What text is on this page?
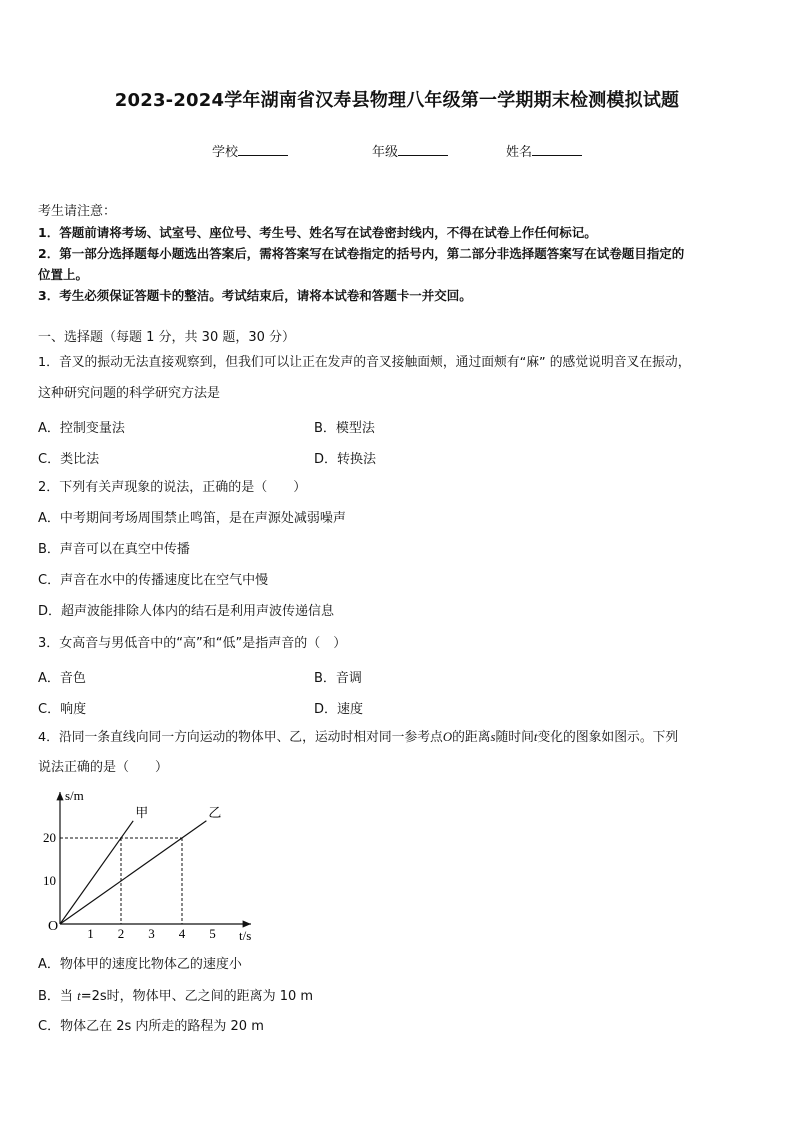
2023-2024学年湖南省汉寿县物理八年级第一学期期末检测模拟试题
学校	年级	姓名
考生请注意：
1．答题前请将考场、试室号、座位号、考生号、姓名写在试卷密封线内，不得在试卷上作任何标记。
2．第一部分选择题每小题选出答案后，需将答案写在试卷指定的括号内，第二部分非选择题答案写在试卷题目指定的
位置上。
3．考生必须保证答题卡的整洁。考试结束后，请将本试卷和答题卡一并交回。
一、选择题（每题 1 分，共 30 题，30 分）
1．音叉的振动无法直接观察到，但我们可以让正在发声的音叉接触面颊，通过面颊有“麻” 的感觉说明音叉在振动，
这种研究问题的科学研究方法是
A．控制变量法	B．模型法
C．类比法	D．转换法
2．下列有关声现象的说法，正确的是（　　）
A．中考期间考场周围禁止鸣笛，是在声源处减弱噪声
B．声音可以在真空中传播
C．声音在水中的传播速度比在空气中慢
D．超声波能排除人体内的结石是利用声波传递信息
3．女高音与男低音中的“高”和“低”是指声音的（　）
A．音色	B．音调
C．响度	D．速度
4．沿同一条直线向同一方向运动的物体甲、乙，运动时相对同一参考点O的距离s随时间t变化的图象如图示。下列
说法正确的是（　　）
s/m
t/s
O 1 2 3 4 5
10
20
甲	乙
A．物体甲的速度比物体乙的速度小
B．当 t=2s时，物体甲、乙之间的距离为 10 m
C．物体乙在 2s 内所走的路程为 20 m
